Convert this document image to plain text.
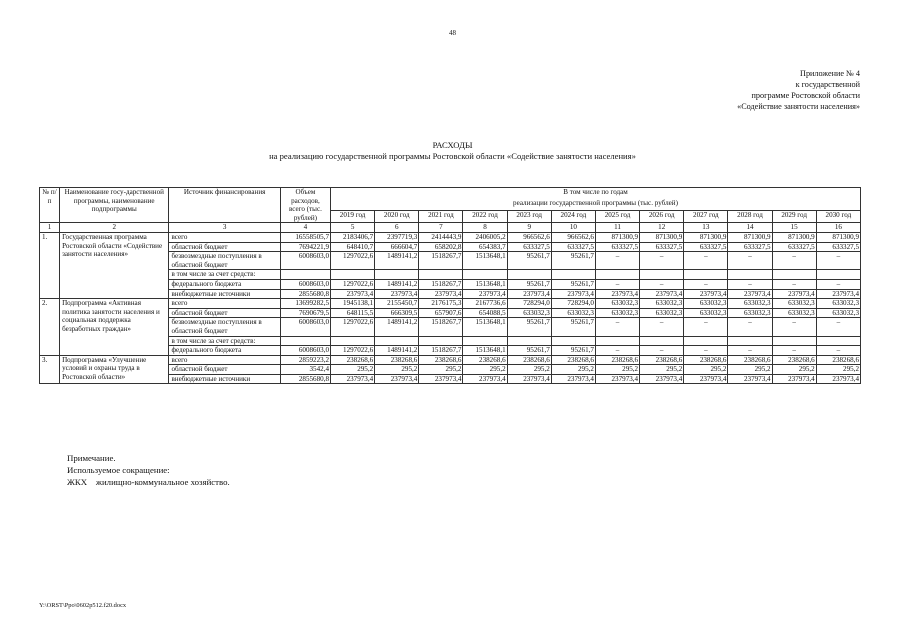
48
Приложение № 4
к государственной
программе Ростовской области
«Содействие занятости населения»
РАСХОДЫ
на реализацию государственной программы Ростовской области «Содействие занятости населения»
№ п/п	Наименование госу-дарственной программы, наименование подпрограммы	Источник финансирования	Объем расходов, всего (тыс. рублей)	В том числе по годам											
				реализации государственной программы (тыс. рублей)											
				2019 год	2020 год	2021 год	2022 год	2023 год	2024 год	2025 год	2026 год	2027 год	2028 год	2029 год	2030 год
1	2	3	4	5	6	7	8	9	10	11	12	13	14	15	16
1.	Государственная программа Ростовской области «Содействие занятости населения»	всего	16558505,7	2183406,7	2397719,3	2414443,9	2406005,2	966562,6	966562,6	871300,9	871300,9	871300,9	871300,9	871300,9	871300,9
		областной бюджет	7694221,9	648410,7	666604,7	658202,8	654383,7	633327,5	633327,5	633327,5	633327,5	633327,5	633327,5	633327,5	633327,5
		безвозмездные поступления в областной бюджет	6008603,0	1297022,6	1489141,2	1518267,7	1513648,1	95261,7	95261,7	–	–	–	–	–	–
		в том числе за счет средств:													
		федерального бюджета	6008603,0	1297022,6	1489141,2	1518267,7	1513648,1	95261,7	95261,7	–	–	–	–	–	–
		внебюджетные источники	2855680,8	237973,4	237973,4	237973,4	237973,4	237973,4	237973,4	237973,4	237973,4	237973,4	237973,4	237973,4	237973,4
2.	Подпрограмма «Активная политика занятости населения и социальная поддержка безработных граждан»	всего	13699282,5	1945138,1	2155450,7	2176175,3	2167736,6	728294,0	728294,0	633032,3	633032,3	633032,3	633032,3	633032,3	633032,3
		областной бюджет	7690679,5	648115,5	666309,5	657907,6	654088,5	633032,3	633032,3	633032,3	633032,3	633032,3	633032,3	633032,3	633032,3
		безвозмездные поступления в областной бюджет	6008603,0	1297022,6	1489141,2	1518267,7	1513648,1	95261,7	95261,7	–	–	–	–	–	–
		в том числе за счет средств:													
		федерального бюджета	6008603,0	1297022,6	1489141,2	1518267,7	1513648,1	95261,7	95261,7	–	–	–	–	–	–
3.	Подпрограмма «Улучшение условий и охраны труда в Ростовской области»	всего	2859223,2	238268,6	238268,6	238268,6	238268,6	238268,6	238268,6	238268,6	238268,6	238268,6	238268,6	238268,6	238268,6
		областной бюджет	3542,4	295,2	295,2	295,2	295,2	295,2	295,2	295,2	295,2	295,2	295,2	295,2	295,2
		внебюджетные источники	2855680,8	237973,4	237973,4	237973,4	237973,4	237973,4	237973,4	237973,4	237973,4	237973,4	237973,4	237973,4	237973,4
Примечание.
Используемое сокращение:
ЖКХ    жилищно-коммунальное хозяйство.
Y:\ORST\Ppo\0602p512.f20.docx
